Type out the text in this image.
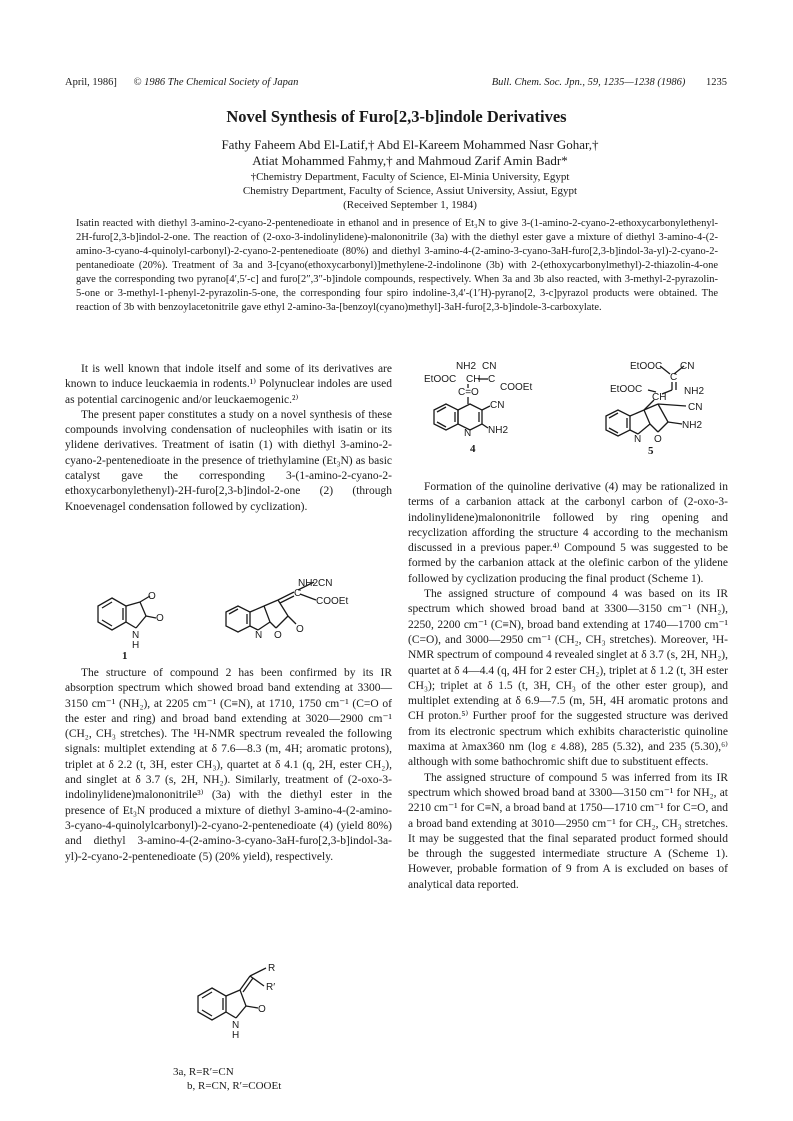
April, 1986] © 1986 The Chemical Society of Japan	Bull. Chem. Soc. Jpn., 59, 1235—1238 (1986) 1235
Novel Synthesis of Furo[2,3-b]indole Derivatives
Fathy Faheem Abd El-Latif,† Abd El-Kareem Mohammed Nasr Gohar,†
Atiat Mohammed Fahmy,† and Mahmoud Zarif Amin Badr*
†Chemistry Department, Faculty of Science, El-Minia University, Egypt
Chemistry Department, Faculty of Science, Assiut University, Assiut, Egypt
(Received September 1, 1984)
Isatin reacted with diethyl 3-amino-2-cyano-2-pentenedioate in ethanol and in presence of Et₃N to give 3-(1-amino-2-cyano-2-ethoxycarbonylethenyl-2H-furo[2,3-b]indol-2-one. The reaction of (2-oxo-3-indolinylidene)-malononitrile (3a) with the diethyl ester gave a mixture of diethyl 3-amino-4-(2-amino-3-cyano-4-quinolyl-carbonyl)-2-cyano-2-pentenedioate (80%) and diethyl 3-amino-4-(2-amino-3-cyano-3aH-furo[2,3-b]indol-3a-yl)-2-cyano-2-pentanedioate (20%). Treatment of 3a and 3-[cyano(ethoxycarbonyl)]methylene-2-indolinone (3b) with 2-(ethoxycarbonylmethyl)-2-thiazolin-4-one gave the corresponding two pyrano[4′,5′-c] and furo[2″,3″-b]indole compounds, respectively. When 3a and 3b also reacted, with 3-methyl-2-pyrazolin-5-one or 3-methyl-1-phenyl-2-pyrazolin-5-one, the corresponding four spiro indoline-3,4′-(1′H)-pyrano[2, 3-c]pyrazol products were obtained. The reaction of 3b with benzoylacetonitrile gave ethyl 2-amino-3a-[benzoyl(cyano)methyl]-3aH-furo[2,3-b]indole-3-carboxylate.

It is well known that indole itself and some of its derivatives are known to induce leuckaemia in rodents.¹⁾ Polynuclear indoles are used as potential carcinogenic and/or leuckaemogenic.²⁾

The present paper constitutes a study on a novel synthesis of these compounds involving condensation of nucleophiles with isatin or its ylidene derivatives. Treatment of isatin (1) with diethyl 3-amino-2-cyano-2-pentenedioate in the presence of triethylamine (Et₃N) as basic catalyst gave the corresponding 3-(1-amino-2-cyano-2-ethoxycarbonylethenyl)-2H-furo[2,3-b]indol-2-one (2) (through Knoevenagel condensation followed by cyclization).

O
O
N
H
1
NH2 CN
C
COOEt
N O
O

The structure of compound 2 has been confirmed by its IR absorption spectrum which showed broad band extending at 3300—3150 cm⁻¹ (NH₂), at 2205 cm⁻¹ (C≡N), at 1710, 1750 cm⁻¹ (C=O of the ester and ring) and broad band extending at 3020—2900 cm⁻¹ (CH₂, CH₃ stretches). The ¹H-NMR spectrum revealed the following signals: multiplet extending at δ 7.6—8.3 (m, 4H; aromatic protons), triplet at δ 2.2 (t, 3H, ester CH₃), quartet at δ 4.1 (q, 2H, ester CH₂), and singlet at δ 3.7 (s, 2H, NH₂). Similarly, treatment of (2-oxo-3-indolinylidene)malononitrile³⁾ (3a) with the diethyl ester in the presence of Et₃N produced a mixture of diethyl 3-amino-4-(2-amino-3-cyano-4-quinolylcarbonyl)-2-cyano-2-pentenedioate (4) (yield 80%) and diethyl 3-amino-4-(2-amino-3-cyano-3aH-furo[2,3-b]indol-3a-yl)-2-cyano-2-pentenedioate (5) (20% yield), respectively.

R
R′
O
N
H
3a, R=R′=CN
b, R=CN, R′=COOEt
NH2 CN
EtOOC CH C
COOEt
C=O
CN
N NH2
4
EtOOC CN
C
EtOOC
CH
NH2
CN
N O
NH2
5

Formation of the quinoline derivative (4) may be rationalized in terms of a carbanion attack at the carbonyl carbon of (2-oxo-3-indolinylidene)malononitrile followed by ring opening and recyclization affording the structure 4 according to the mechanism discussed in a previous paper.⁴⁾ Compound 5 was suggested to be formed by the carbanion attack at the olefinic carbon of the ylidene followed by cyclization producing the final product (Scheme 1).

The assigned structure of compound 4 was based on its IR spectrum which showed broad band at 3300—3150 cm⁻¹ (NH₂), 2250, 2200 cm⁻¹ (C≡N), broad band extending at 1740—1700 cm⁻¹ (C=O), and 3000—2950 cm⁻¹ (CH₂, CH₃ stretches). Moreover, ¹H-NMR spectrum of compound 4 revealed singlet at δ 3.7 (s, 2H, NH₂), quartet at δ 4—4.4 (q, 4H for 2 ester CH₂), triplet at δ 1.2 (t, 3H ester CH₃); triplet at δ 1.5 (t, 3H, CH₃ of the other ester group), and multiplet extending at δ 6.9—7.5 (m, 5H, 4H aromatic protons and CH proton.⁵⁾ Further proof for the suggested structure was derived from its electronic spectrum which exhibits characteristic quinoline maxima at λmax360 nm (log ε 4.88), 285 (5.32), and 235 (5.30),⁶⁾ although with some bathochromic shift due to substituent effects.

The assigned structure of compound 5 was inferred from its IR spectrum which showed broad band at 3300—3150 cm⁻¹ for NH₂, at 2210 cm⁻¹ for C≡N, a broad band at 1750—1710 cm⁻¹ for C=O, and a broad band extending at 3010—2950 cm⁻¹ for CH₂, CH₃ stretches. It may be suggested that the final separated product formed should be through the suggested intermediate structure A (Scheme 1). However, probable formation of 9 from A is excluded on bases of analytical data reported.
